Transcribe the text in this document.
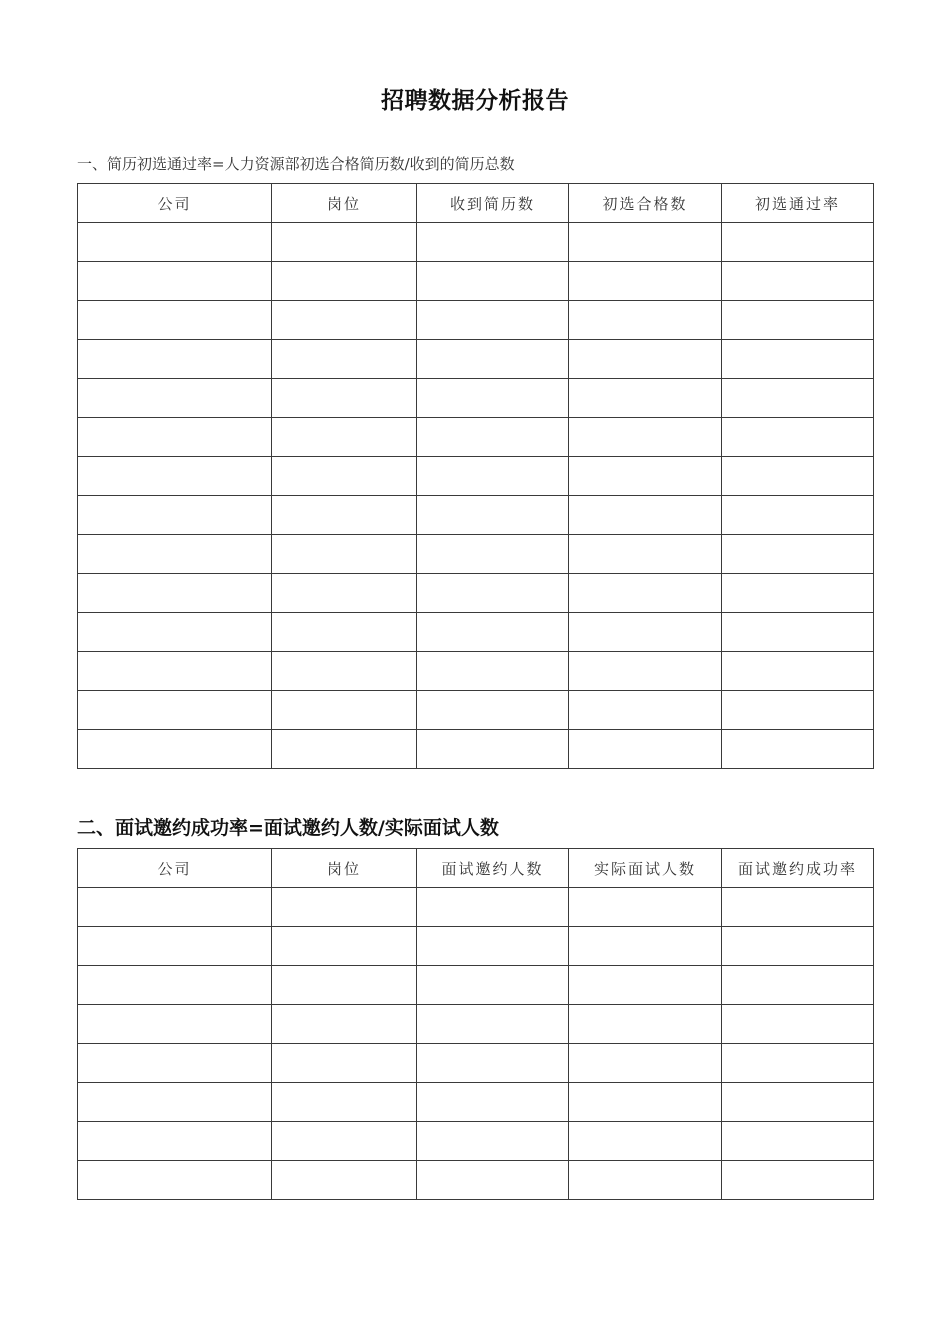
招聘数据分析报告
一、简历初选通过率=人力资源部初选合格简历数/收到的简历总数
公司	岗位	收到简历数	初选合格数	初选通过率

二、面试邀约成功率=面试邀约人数/实际面试人数
公司	岗位	面试邀约人数	实际面试人数	面试邀约成功率
